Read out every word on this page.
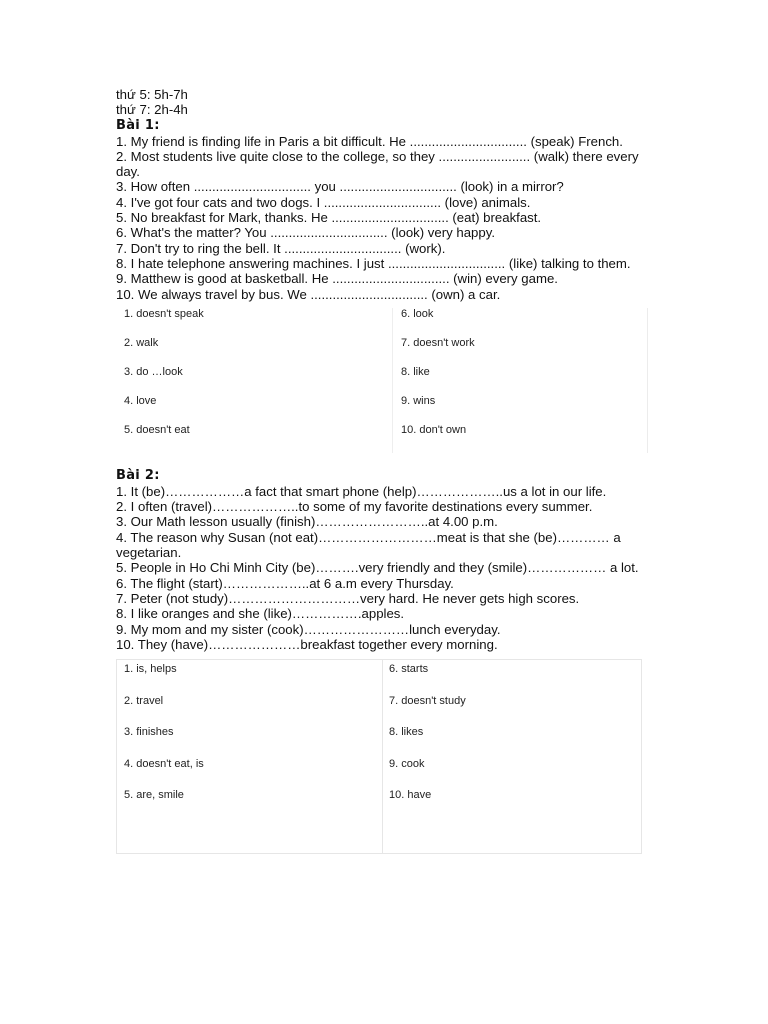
thứ 5: 5h-7h
thứ 7: 2h-4h
Bài 1:
1. My friend is finding life in Paris a bit difficult. He ................................ (speak) French.
2. Most students live quite close to the college, so they ......................... (walk) there every day.
3. How often ................................ you ................................ (look) in a mirror?
4. I've got four cats and two dogs. I ................................ (love) animals.
5. No breakfast for Mark, thanks. He ................................ (eat) breakfast.
6. What's the matter? You ................................ (look) very happy.
7. Don't try to ring the bell. It ................................ (work).
8. I hate telephone answering machines. I just ................................ (like) talking to them.
9. Matthew is good at basketball. He ................................ (win) every game.
10. We always travel by bus. We ................................ (own) a car.
1. doesn't speak	6. look
2. walk	7. doesn't work
3. do …look	8. like
4. love	9. wins
5. doesn't eat	10. don't own
Bài 2:
1. It (be)………………a fact that smart phone (help)………………..us a lot in our life.
2. I often (travel)………………..to some of my favorite destinations every summer.
3. Our Math lesson usually (finish)……………………..at 4.00 p.m.
4. The reason why Susan (not eat)………………………meat is that she (be)………… a vegetarian.
5. People in Ho Chi Minh City (be)……….very friendly and they (smile)……………… a lot.
6. The flight (start)………………..at 6 a.m every Thursday.
7. Peter (not study)…………………………very hard. He never gets high scores.
8. I like oranges and she (like)…………….apples.
9. My mom and my sister (cook)……………………lunch everyday.
10. They (have)…………………breakfast together every morning.
1. is, helps	6. starts
2. travel	7. doesn't study
3. finishes	8. likes
4. doesn't eat, is	9. cook
5. are, smile	10. have
